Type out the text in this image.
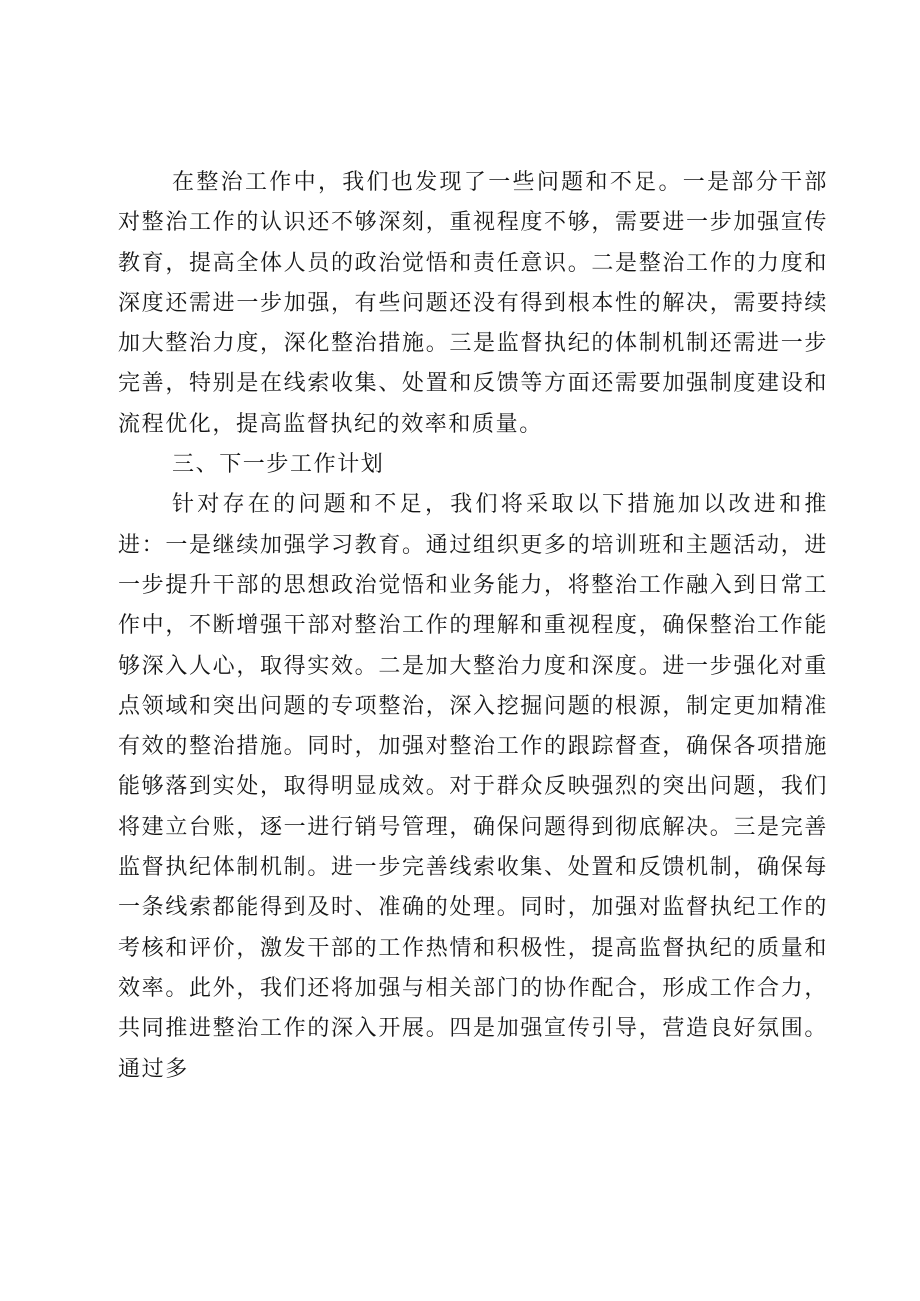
在整治工作中，我们也发现了一些问题和不足。一是部分干部对整治工作的认识还不够深刻，重视程度不够，需要进一步加强宣传教育，提高全体人员的政治觉悟和责任意识。二是整治工作的力度和深度还需进一步加强，有些问题还没有得到根本性的解决，需要持续加大整治力度，深化整治措施。三是监督执纪的体制机制还需进一步完善，特别是在线索收集、处置和反馈等方面还需要加强制度建设和流程优化，提高监督执纪的效率和质量。

三、下一步工作计划

针对存在的问题和不足，我们将采取以下措施加以改进和推进：一是继续加强学习教育。通过组织更多的培训班和主题活动，进一步提升干部的思想政治觉悟和业务能力，将整治工作融入到日常工作中，不断增强干部对整治工作的理解和重视程度，确保整治工作能够深入人心，取得实效。二是加大整治力度和深度。进一步强化对重点领域和突出问题的专项整治，深入挖掘问题的根源，制定更加精准有效的整治措施。同时，加强对整治工作的跟踪督查，确保各项措施能够落到实处，取得明显成效。对于群众反映强烈的突出问题，我们将建立台账，逐一进行销号管理，确保问题得到彻底解决。三是完善监督执纪体制机制。进一步完善线索收集、处置和反馈机制，确保每一条线索都能得到及时、准确的处理。同时，加强对监督执纪工作的考核和评价，激发干部的工作热情和积极性，提高监督执纪的质量和效率。此外，我们还将加强与相关部门的协作配合，形成工作合力，共同推进整治工作的深入开展。四是加强宣传引导，营造良好氛围。通过多
